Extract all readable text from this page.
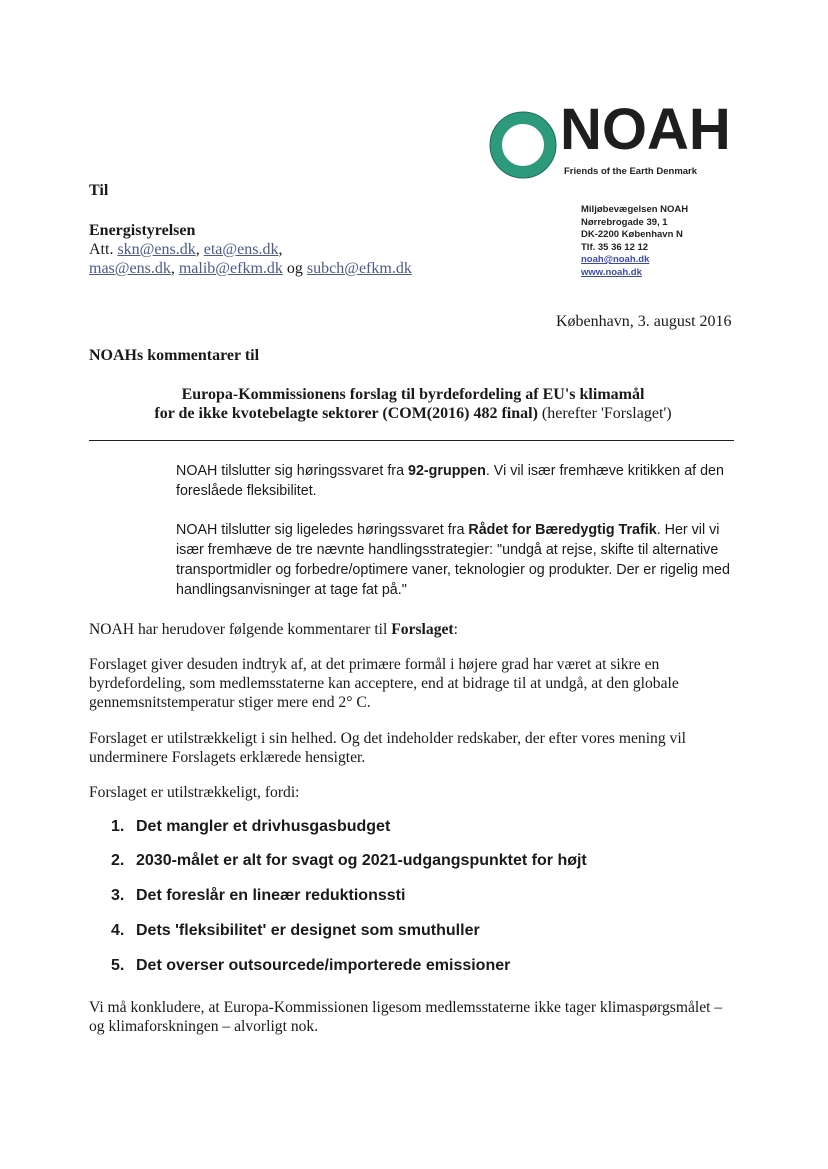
NOAH
Friends of the Earth Denmark
Miljøbevægelsen NOAH
Nørrebrogade 39, 1
DK-2200 København N
Tlf. 35 36 12 12
noah@noah.dk
www.noah.dk
Til
Energistyrelsen
Att. skn@ens.dk, eta@ens.dk,
mas@ens.dk, malib@efkm.dk og subch@efkm.dk
København, 3. august 2016
NOAHs kommentarer til
Europa-Kommissionens forslag til byrdefordeling af EU's klimamål
for de ikke kvotebelagte sektorer (COM(2016) 482 final) (herefter 'Forslaget')
NOAH tilslutter sig høringssvaret fra 92-gruppen. Vi vil især fremhæve kritikken af den foreslåede fleksibilitet.
NOAH tilslutter sig ligeledes høringssvaret fra Rådet for Bæredygtig Trafik. Her vil vi især fremhæve de tre nævnte handlingsstrategier: "undgå at rejse, skifte til alternative transportmidler og forbedre/optimere vaner, teknologier og produkter. Der er rigelig med handlingsanvisninger at tage fat på."
NOAH har herudover følgende kommentarer til Forslaget:
Forslaget giver desuden indtryk af, at det primære formål i højere grad har været at sikre en byrdefordeling, som medlemsstaterne kan acceptere, end at bidrage til at undgå, at den globale gennemsnitstemperatur stiger mere end 2° C.
Forslaget er utilstrækkeligt i sin helhed. Og det indeholder redskaber, der efter vores mening vil underminere Forslagets erklærede hensigter.
Forslaget er utilstrækkeligt, fordi:
1. Det mangler et drivhusgasbudget
2. 2030-målet er alt for svagt og 2021-udgangspunktet for højt
3. Det foreslår en lineær reduktionssti
4. Dets 'fleksibilitet' er designet som smuthuller
5. Det overser outsourcede/importerede emissioner
Vi må konkludere, at Europa-Kommissionen ligesom medlemsstaterne ikke tager klimaspørgsmålet – og klimaforskningen – alvorligt nok.
